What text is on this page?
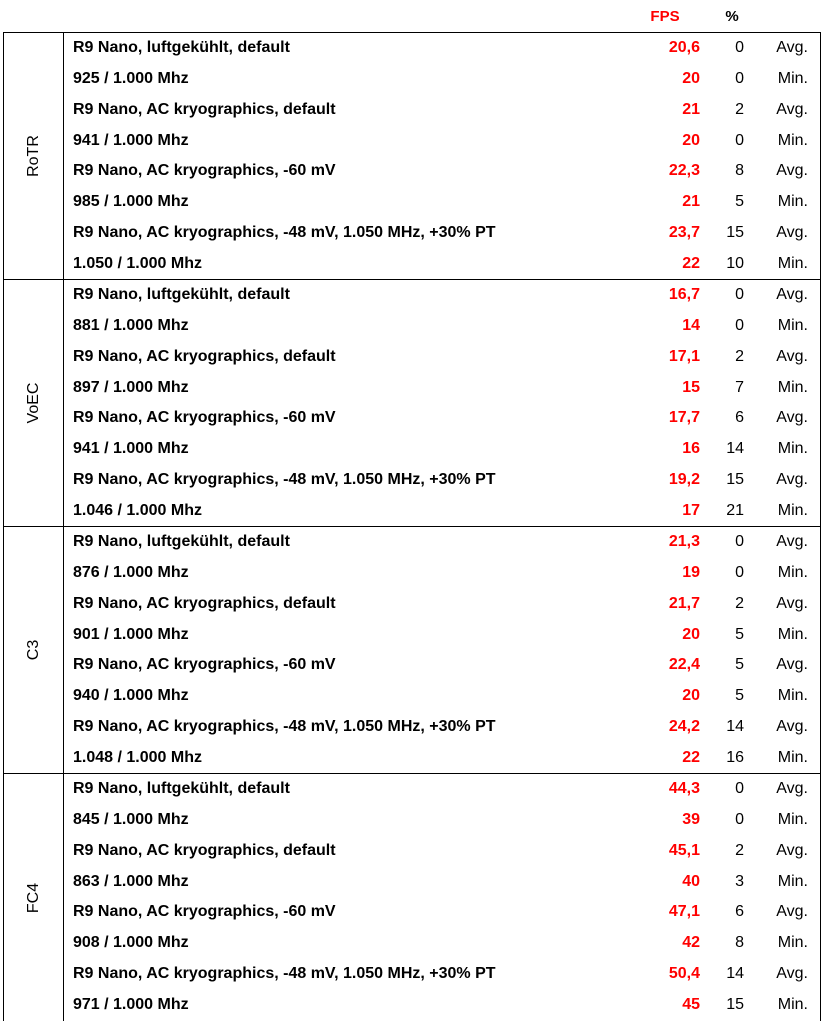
FPS	%
RoTR
R9 Nano, luftgekühlt, default	20,6	0	Avg.
925 / 1.000 Mhz	20	0	Min.
R9 Nano, AC kryographics, default	21	2	Avg.
941 / 1.000 Mhz	20	0	Min.
R9 Nano, AC kryographics, -60 mV	22,3	8	Avg.
985 / 1.000 Mhz	21	5	Min.
R9 Nano, AC kryographics, -48 mV, 1.050 MHz, +30% PT	23,7	15	Avg.
1.050 / 1.000 Mhz	22	10	Min.
VoEC
R9 Nano, luftgekühlt, default	16,7	0	Avg.
881 / 1.000 Mhz	14	0	Min.
R9 Nano, AC kryographics, default	17,1	2	Avg.
897 / 1.000 Mhz	15	7	Min.
R9 Nano, AC kryographics, -60 mV	17,7	6	Avg.
941 / 1.000 Mhz	16	14	Min.
R9 Nano, AC kryographics, -48 mV, 1.050 MHz, +30% PT	19,2	15	Avg.
1.046 / 1.000 Mhz	17	21	Min.
C3
R9 Nano, luftgekühlt, default	21,3	0	Avg.
876 / 1.000 Mhz	19	0	Min.
R9 Nano, AC kryographics, default	21,7	2	Avg.
901 / 1.000 Mhz	20	5	Min.
R9 Nano, AC kryographics, -60 mV	22,4	5	Avg.
940 / 1.000 Mhz	20	5	Min.
R9 Nano, AC kryographics, -48 mV, 1.050 MHz, +30% PT	24,2	14	Avg.
1.048 / 1.000 Mhz	22	16	Min.
FC4
R9 Nano, luftgekühlt, default	44,3	0	Avg.
845 / 1.000 Mhz	39	0	Min.
R9 Nano, AC kryographics, default	45,1	2	Avg.
863 / 1.000 Mhz	40	3	Min.
R9 Nano, AC kryographics, -60 mV	47,1	6	Avg.
908 / 1.000 Mhz	42	8	Min.
R9 Nano, AC kryographics, -48 mV, 1.050 MHz, +30% PT	50,4	14	Avg.
971 / 1.000 Mhz	45	15	Min.
